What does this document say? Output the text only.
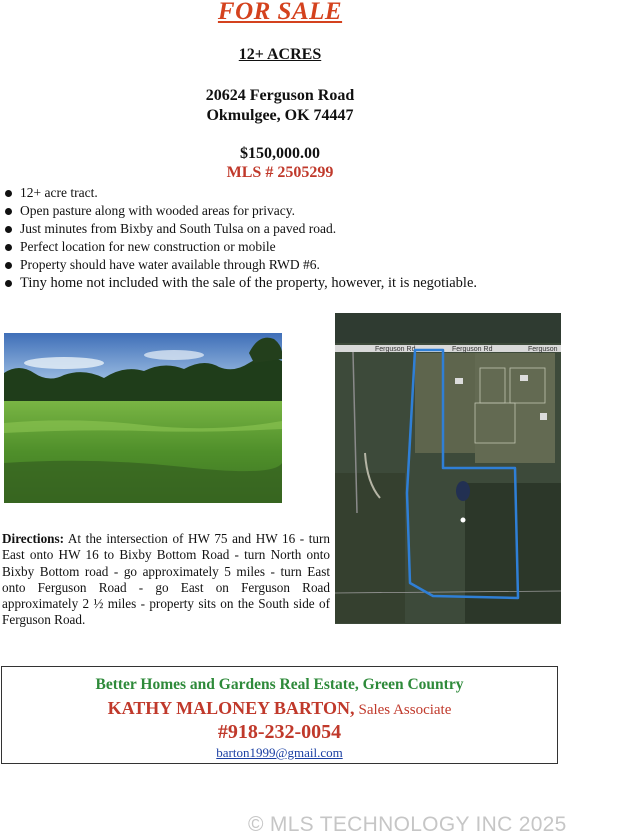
FOR SALE
12+ ACRES
20624 Ferguson Road
Okmulgee, OK 74447
$150,000.00
MLS # 2505299
12+ acre tract.
Open pasture along with wooded areas for privacy.
Just minutes from Bixby and South Tulsa on a paved road.
Perfect location for new construction or mobile
Property should have water available through RWD #6.
Tiny home not included with the sale of the property, however, it is negotiable.
Ferguson Rd	Ferguson Rd	Ferguson
Directions: At the intersection of HW 75 and HW 16 - turn East onto HW 16 to Bixby Bottom Road - turn North onto Bixby Bottom road - go approximately 5 miles - turn East onto Ferguson Road - go East on Ferguson Road approximately 2 ½ miles - property sits on the South side of Ferguson Road.
Better Homes and Gardens Real Estate, Green Country
KATHY MALONEY BARTON, Sales Associate
#918-232-0054
barton1999@gmail.com
© MLS TECHNOLOGY INC 2025
